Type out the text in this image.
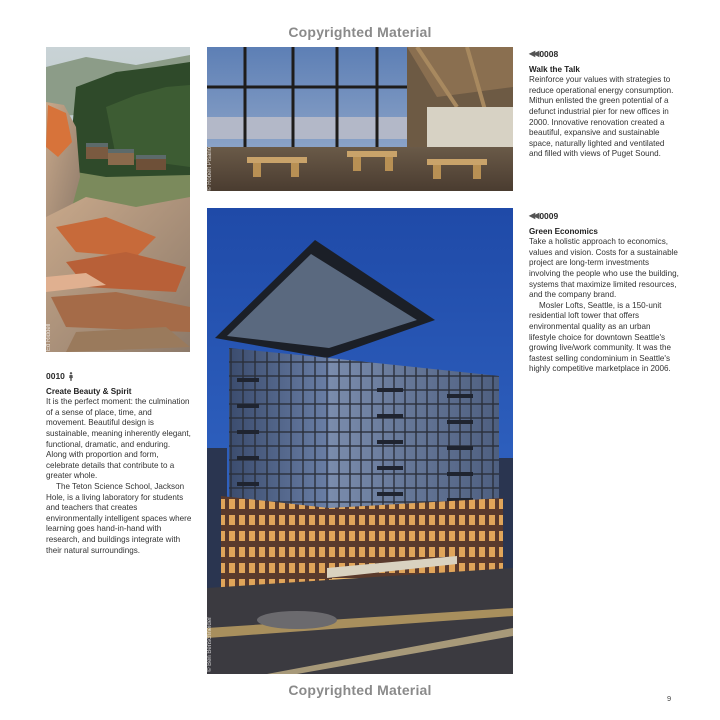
Copyrighted Material
Ed Riddell
© Robert Pisano
© Ben Benschneider
◀◀ 0008

Walk the Talk

Reinforce your values with strategies to reduce operational energy consumption. Mithun enlisted the green potential of a defunct industrial pier for new offices in 2000. Innovative renovation created a beautiful, expansive and sustainable space, naturally lighted and ventilated and filled with views of Puget Sound.

◀◀ 0009

Green Economics

Take a holistic approach to economics, values and vision. Costs for a sustainable project are long-term investments involving the people who use the building, systems that maximize limited resources, and the company brand.

Mosler Lofts, Seattle, is a 150-unit residential loft tower that offers environmental quality as an urban lifestyle choice for downtown Seattle's growing live/work community. It was the fastest selling condominium in Seattle's highly competitive marketplace in 2006.

0010

Create Beauty & Spirit

It is the perfect moment: the culmination of a sense of place, time, and movement. Beautiful design is sustainable, meaning inherently elegant, functional, dramatic, and enduring. Along with proportion and form, celebrate details that contribute to a greater whole.

The Teton Science School, Jackson Hole, is a living laboratory for students and teachers that creates environmentally intelligent spaces where learning goes hand-in-hand with research, and buildings integrate with their natural surroundings.

9
Copyrighted Material
